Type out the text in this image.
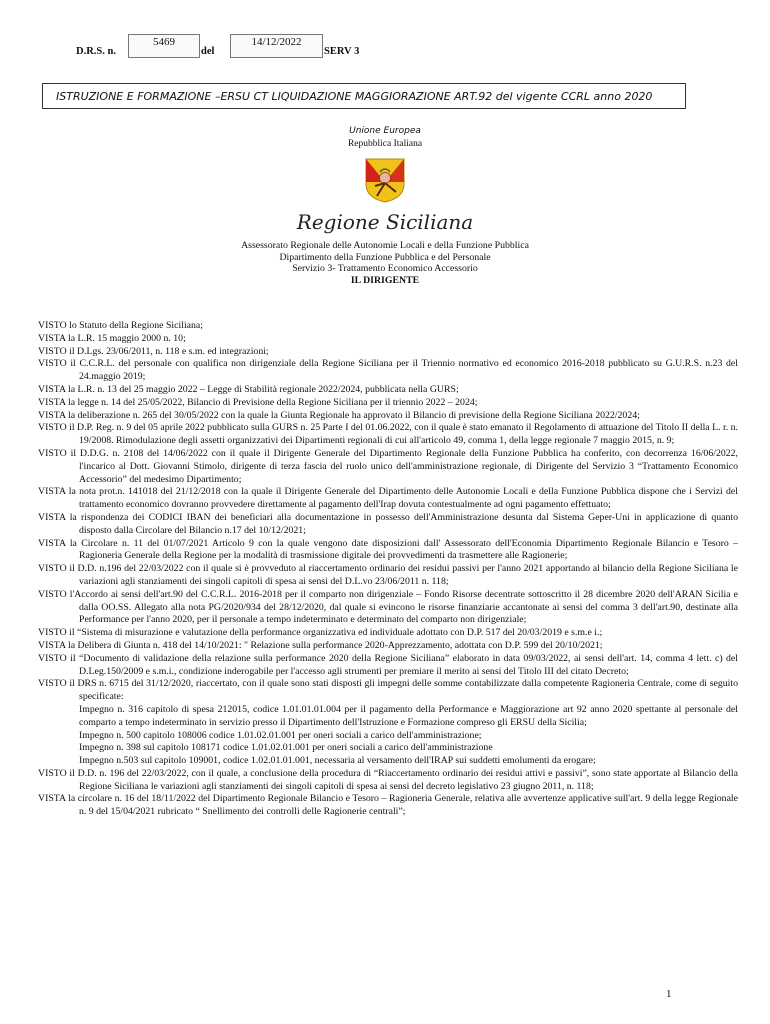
D.R.S. n.
5469
del
14/12/2022
SERV 3
ISTRUZIONE E FORMAZIONE –ERSU CT LIQUIDAZIONE MAGGIORAZIONE ART.92 del vigente CCRL anno 2020
Unione Europea
Repubblica Italiana
Regione Siciliana
Assessorato Regionale delle Autonomie Locali e della Funzione Pubblica
Dipartimento della Funzione Pubblica e del Personale
Servizio 3- Trattamento Economico Accessorio
IL DIRIGENTE
VISTO lo Statuto della Regione Siciliana;
VISTA la L.R. 15 maggio 2000 n. 10;
VISTO il D.Lgs. 23/06/2011, n. 118 e s.m. ed integrazioni;
VISTO il C.C.R.L. del personale con qualifica non dirigenziale della Regione Siciliana per il Triennio normativo ed economico 2016-2018 pubblicato su G.U.R.S. n.23 del 24.maggio 2019;
VISTA la L.R. n. 13 del 25 maggio 2022 – Legge di Stabilità regionale 2022/2024, pubblicata nella GURS;
VISTA la legge n. 14 del 25/05/2022, Bilancio di Previsione della Regione Siciliana per il triennio 2022 – 2024;
VISTA la deliberazione n. 265 del 30/05/2022 con la quale la Giunta Regionale ha approvato il Bilancio di previsione della Regione Siciliana 2022/2024;
VISTO il D.P. Reg. n. 9 del 05 aprile 2022 pubblicato sulla GURS n. 25 Parte I del 01.06.2022, con il quale è stato emanato il Regolamento di attuazione del Titolo II della L. r. n. 19/2008. Rimodulazione degli assetti organizzativi dei Dipartimenti regionali di cui all'articolo 49, comma 1, della legge regionale 7 maggio 2015, n. 9;
VISTO il D.D.G. n. 2108 del 14/06/2022 con il quale il Dirigente Generale del Dipartimento Regionale della Funzione Pubblica ha conferito, con decorrenza 16/06/2022, l'incarico al Dott. Giovanni Stimolo, dirigente di terza fascia del ruolo unico dell'amministrazione regionale, di Dirigente del Servizio 3 “Trattamento Economico Accessorio” del medesimo Dipartimento;
VISTA la nota prot.n. 141018 del 21/12/2018 con la quale il Dirigente Generale del Dipartimento delle Autonomie Locali e della Funzione Pubblica dispone che i Servizi del trattamento economico dovranno provvedere direttamente al pagamento dell'Irap dovuta contestualmente ad ogni pagamento effettuato;
VISTA la rispondenza dei CODICI IBAN dei beneficiari alla documentazione in possesso dell'Amministrazione desunta dal Sistema Geper-Uni in applicazione di quanto disposto dalla Circolare del Bilancio n.17 del 10/12/2021;
VISTA la Circolare n. 11 del 01/07/2021 Articolo 9 con la quale vengono date disposizioni dall' Assessorato dell'Economia Dipartimento Regionale Bilancio e Tesoro – Ragioneria Generale della Regione per la modalità di trasmissione digitale dei provvedimenti da trasmettere alle Ragionerie;
VISTO il D.D. n.196 del 22/03/2022 con il quale si è provveduto al riaccertamento ordinario dei residui passivi per l'anno 2021 apportando al bilancio della Regione Siciliana le variazioni agli stanziamenti dei singoli capitoli di spesa ai sensi del D.L.vo 23/06/2011 n. 118;
VISTO l'Accordo ai sensi dell'art.90 del C.C.R.L. 2016-2018 per il comparto non dirigenziale – Fondo Risorse decentrate sottoscritto il 28 dicembre 2020 dell'ARAN Sicilia e dalla OO.SS. Allegato alla nota PG/2020/934 del 28/12/2020, dal quale si evincono le risorse finanziarie accantonate ai sensi del comma 3 dell'art.90, destinate alla Performance per l'anno 2020, per il personale a tempo indeterminato e determinato del comparto non dirigenziale;
VISTO il “Sistema di misurazione e valutazione della performance organizzativa ed individuale adottato con D.P. 517 del 20/03/2019 e s.m.e i.;
VISTA la Delibera di Giunta n. 418 del 14/10/2021: " Relazione sulla performance 2020-Apprezzamento, adottata con D.P. 599 del 20/10/2021;
VISTO il “Documento di validazione della relazione sulla performance 2020 della Regione Siciliana” elaborato in data 09/03/2022, ai sensi dell'art. 14, comma 4 lett. c) del D.Leg.150/2009 e s.m.i., condizione inderogabile per l'accesso agli strumenti per premiare il merito ai sensi del Titolo III del citato Decreto;
VISTO il DRS n. 6715 del 31/12/2020, riaccertato, con il quale sono stati disposti gli impegni delle somme contabilizzate dalla competente Ragioneria Centrale, come di seguito specificate:
Impegno n. 316 capitolo di spesa 212015, codice 1.01.01.01.004 per il pagamento della Performance e Maggiorazione art 92 anno 2020 spettante al personale del comparto a tempo indeterminato in servizio presso il Dipartimento dell'Istruzione e Formazione compreso gli ERSU della Sicilia;
Impegno n. 500 capitolo 108006 codice 1.01.02.01.001 per oneri sociali a carico dell'amministrazione;
Impegno n. 398 sul capitolo 108171 codice 1.01.02.01.001 per oneri sociali a carico dell'amministrazione
Impegno n.503 sul capitolo 109001, codice 1.02.01.01.001, necessaria al versamento dell'IRAP sui suddetti emolumenti da erogare;
VISTO il D.D. n. 196 del 22/03/2022, con il quale, a conclusione della procedura di “Riaccertamento ordinario dei residui attivi e passivi”, sono state apportate al Bilancio della Regione Siciliana le variazioni agli stanziamenti dei singoli capitoli di spesa ai sensi del decreto legislativo 23 giugno 2011, n. 118;
VISTA la circolare n. 16 del 18/11/2022 del Dipartimento Regionale Bilancio e Tesoro – Ragioneria Generale, relativa alle avvertenze applicative sull'art. 9 della legge Regionale n. 9 del 15/04/2021 rubricato “ Snellimento dei controlli delle Ragionerie centrali”;
1
